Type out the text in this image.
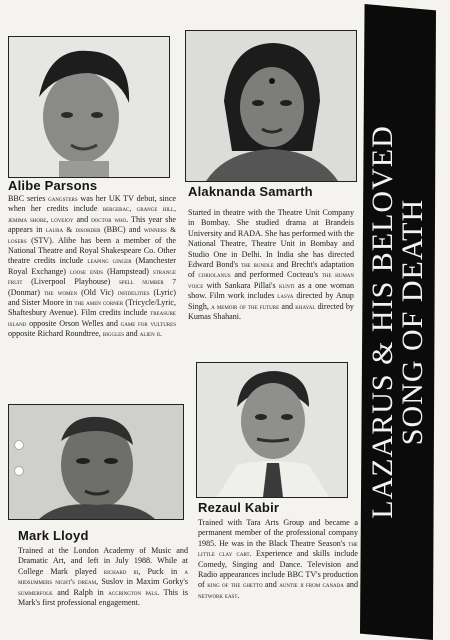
Alibe Parsons
BBC series gangsters was her UK TV debut, since when her credits include bergerac, grange hill, jemima shore, lovejoy and doctor who. This year she appears in laura & disorder (BBC) and winners & losers (STV). Alibe has been a member of the National Theatre and Royal Shakespeare Co. Other theatre credits include leaping ginger (Manchester Royal Exchange) loose ends (Hampstead) strange fruit (Liverpool Playhouse) spell number 7 (Donmar) the women (Old Vic) infidelities (Lyric) and Sister Moore in the amen corner (Tricycle/Lyric, Shaftesbury Avenue). Film credits include treasure island opposite Orson Welles and game for vultures opposite Richard Roundtree, biggles and alien ii.
Alaknanda Samarth
Started in theatre with the Theatre Unit Company in Bombay. She studied drama at Brandeis University and RADA. She has performed with the National Theatre, Theatre Unit in Bombay and Studio One in Delhi. In India she has directed Edward Bond's the bundle and Brecht's adaptation of coriolanus and performed Cocteau's the human voice with Sankara Pillai's kunti as a one woman show. Film work includes lasya directed by Anup Singh, a memoir of the future and khayal directed by Kumas Shahani.
Mark Lloyd
Trained at the London Academy of Music and Dramatic Art, and left in July 1988. While at College Mark played richard iii, Puck in a midsummers night's dream, Suslov in Maxim Gorky's summerfolk and Ralph in accrington pals. This is Mark's first professional engagement.
Rezaul Kabir
Trained with Tara Arts Group and became a permanent member of the professional company 1985. He was in the Black Theatre Season's the little clay cart. Experience and skills include Comedy, Singing and Dance. Television and Radio appearances include BBC TV's production of king of the ghetto and auntie ji from canada and network east.
LAZARUS & HIS BELOVED
SONG OF DEATH
